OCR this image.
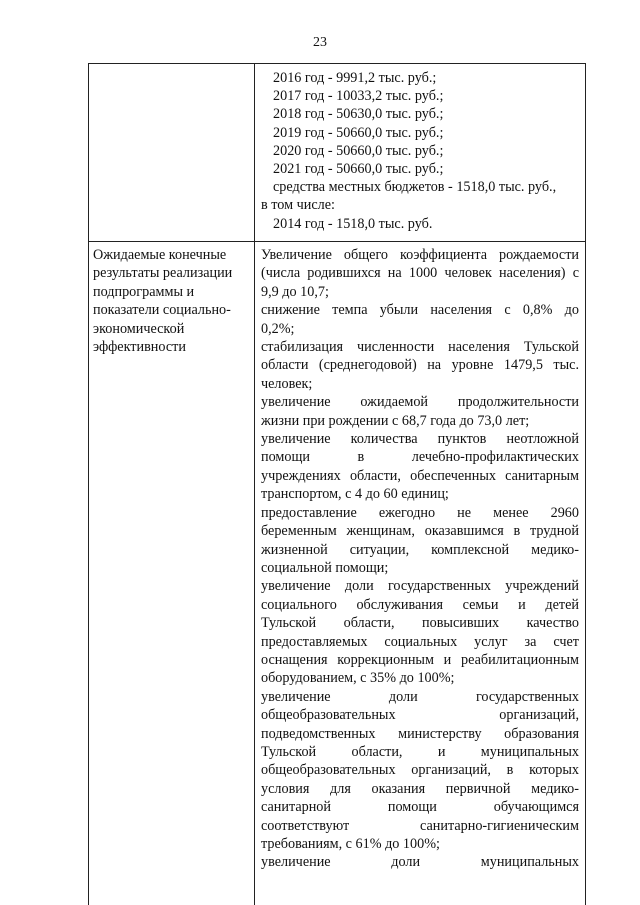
23
2016 год - 9991,2 тыс. руб.;
2017 год - 10033,2 тыс. руб.;
2018 год - 50630,0 тыс. руб.;
2019 год - 50660,0 тыс. руб.;
2020 год - 50660,0 тыс. руб.;
2021 год - 50660,0 тыс. руб.;
средства местных бюджетов - 1518,0 тыс. руб.,
в том числе:
2014 год - 1518,0 тыс. руб.
Ожидаемые конечные
результаты реализации
подпрограммы и
показатели социально-
экономической
эффективности
Увеличение общего коэффициента рождаемости
(числа родившихся на 1000 человек населения) с
9,9 до 10,7;
снижение темпа убыли населения с 0,8% до
0,2%;
стабилизация численности населения Тульской
области (среднегодовой) на уровне 1479,5 тыс.
человек;
увеличение ожидаемой продолжительности
жизни при рождении с 68,7 года до 73,0 лет;
увеличение количества пунктов неотложной
помощи в лечебно-профилактических
учреждениях области, обеспеченных санитарным
транспортом, с 4 до 60 единиц;
предоставление ежегодно не менее 2960
беременным женщинам, оказавшимся в трудной
жизненной ситуации, комплексной медико-
социальной помощи;
увеличение доли государственных учреждений
социального обслуживания семьи и детей
Тульской области, повысивших качество
предоставляемых социальных услуг за счет
оснащения коррекционным и реабилитационным
оборудованием, с 35% до 100%;
увеличение доли государственных
общеобразовательных организаций,
подведомственных министерству образования
Тульской области, и муниципальных
общеобразовательных организаций, в которых
условия для оказания первичной медико-
санитарной помощи обучающимся
соответствуют санитарно-гигиеническим
требованиям, с 61% до 100%;
увеличение доли муниципальных
